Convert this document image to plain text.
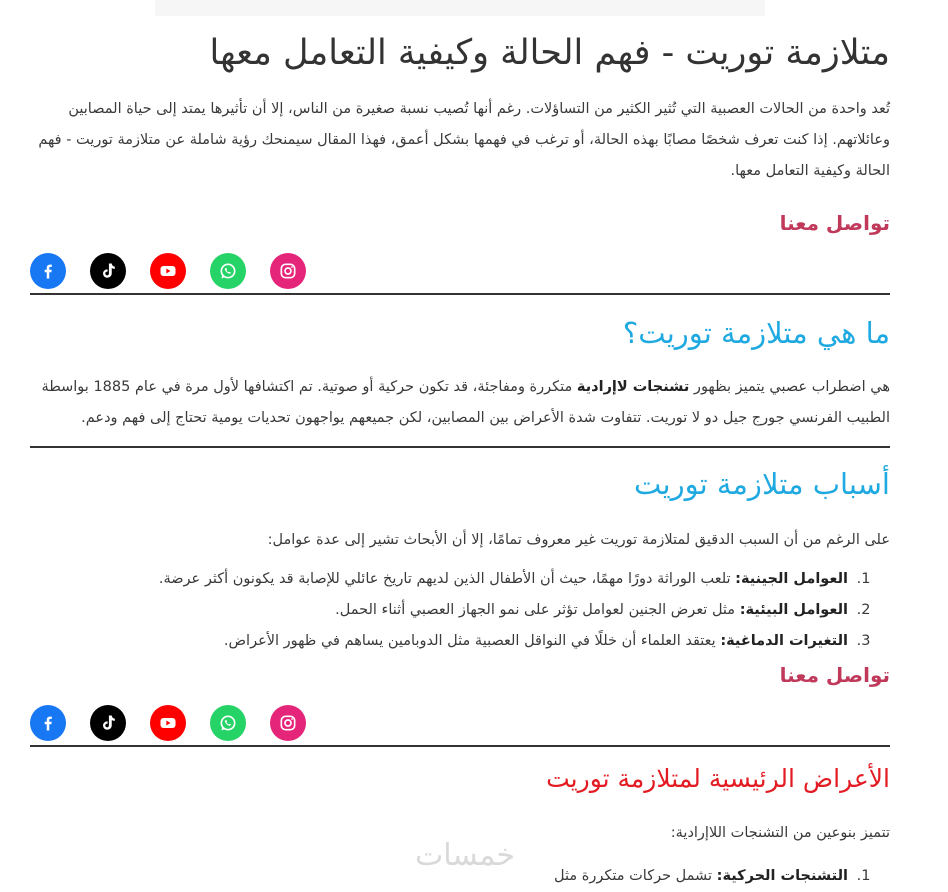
متلازمة توريت - فهم الحالة وكيفية التعامل معها

تُعد واحدة من الحالات العصبية التي تُثير الكثير من التساؤلات. رغم أنها تُصيب نسبة صغيرة من الناس، إلا أن تأثيرها يمتد إلى حياة المصابين وعائلاتهم. إذا كنت تعرف شخصًا مصابًا بهذه الحالة، أو ترغب في فهمها بشكل أعمق، فهذا المقال سيمنحك رؤية شاملة عن متلازمة توريت - فهم الحالة وكيفية التعامل معها.

تواصل معنا
ما هي متلازمة توريت؟

هي اضطراب عصبي يتميز بظهور تشنجات لاإرادية متكررة ومفاجئة، قد تكون حركية أو صوتية. تم اكتشافها لأول مرة في عام 1885 بواسطة الطبيب الفرنسي جورج جيل دو لا توريت. تتفاوت شدة الأعراض بين المصابين، لكن جميعهم يواجهون تحديات يومية تحتاج إلى فهم ودعم.

أسباب متلازمة توريت

على الرغم من أن السبب الدقيق لمتلازمة توريت غير معروف تمامًا، إلا أن الأبحاث تشير إلى عدة عوامل:

1. العوامل الجينية: تلعب الوراثة دورًا مهمًا، حيث أن الأطفال الذين لديهم تاريخ عائلي للإصابة قد يكونون أكثر عرضة.
2. العوامل البيئية: مثل تعرض الجنين لعوامل تؤثر على نمو الجهاز العصبي أثناء الحمل.
3. التغيرات الدماغية: يعتقد العلماء أن خللًا في النواقل العصبية مثل الدوبامين يساهم في ظهور الأعراض.
تواصل معنا
الأعراض الرئيسية لمتلازمة توريت

تتميز بنوعين من التشنجات اللاإرادية:

1. التشنجات الحركية: تشمل حركات متكررة مثل
خمسات
